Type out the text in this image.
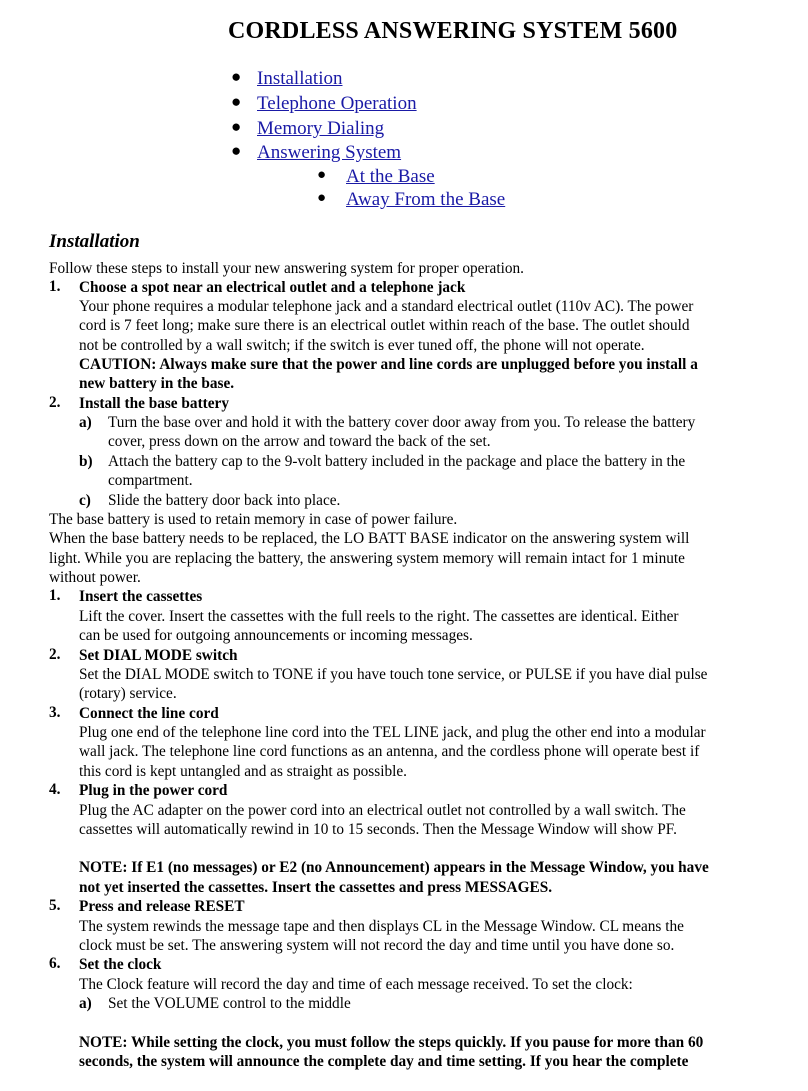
CORDLESS ANSWERING SYSTEM 5600
● Installation
● Telephone Operation
● Memory Dialing
● Answering System
● At the Base
● Away From the Base
Installation
Follow these steps to install your new answering system for proper operation.
1. Choose a spot near an electrical outlet and a telephone jack
Your phone requires a modular telephone jack and a standard electrical outlet (110v AC). The power
cord is 7 feet long; make sure there is an electrical outlet within reach of the base. The outlet should
not be controlled by a wall switch; if the switch is ever tuned off, the phone will not operate.
CAUTION: Always make sure that the power and line cords are unplugged before you install a
new battery in the base.
2. Install the base battery
a) Turn the base over and hold it with the battery cover door away from you. To release the battery
cover, press down on the arrow and toward the back of the set.
b) Attach the battery cap to the 9-volt battery included in the package and place the battery in the
compartment.
c) Slide the battery door back into place.
The base battery is used to retain memory in case of power failure.
When the base battery needs to be replaced, the LO BATT BASE indicator on the answering system will
light. While you are replacing the battery, the answering system memory will remain intact for 1 minute
without power.
1. Insert the cassettes
Lift the cover. Insert the cassettes with the full reels to the right. The cassettes are identical. Either
can be used for outgoing announcements or incoming messages.
2. Set DIAL MODE switch
Set the DIAL MODE switch to TONE if you have touch tone service, or PULSE if you have dial pulse
(rotary) service.
3. Connect the line cord
Plug one end of the telephone line cord into the TEL LINE jack, and plug the other end into a modular
wall jack. The telephone line cord functions as an antenna, and the cordless phone will operate best if
this cord is kept untangled and as straight as possible.
4. Plug in the power cord
Plug the AC adapter on the power cord into an electrical outlet not controlled by a wall switch. The
cassettes will automatically rewind in 10 to 15 seconds. Then the Message Window will show PF.
NOTE: If E1 (no messages) or E2 (no Announcement) appears in the Message Window, you have
not yet inserted the cassettes. Insert the cassettes and press MESSAGES.
5. Press and release RESET
The system rewinds the message tape and then displays CL in the Message Window. CL means the
clock must be set. The answering system will not record the day and time until you have done so.
6. Set the clock
The Clock feature will record the day and time of each message received. To set the clock:
a) Set the VOLUME control to the middle
NOTE: While setting the clock, you must follow the steps quickly. If you pause for more than 60
seconds, the system will announce the complete day and time setting. If you hear the complete
